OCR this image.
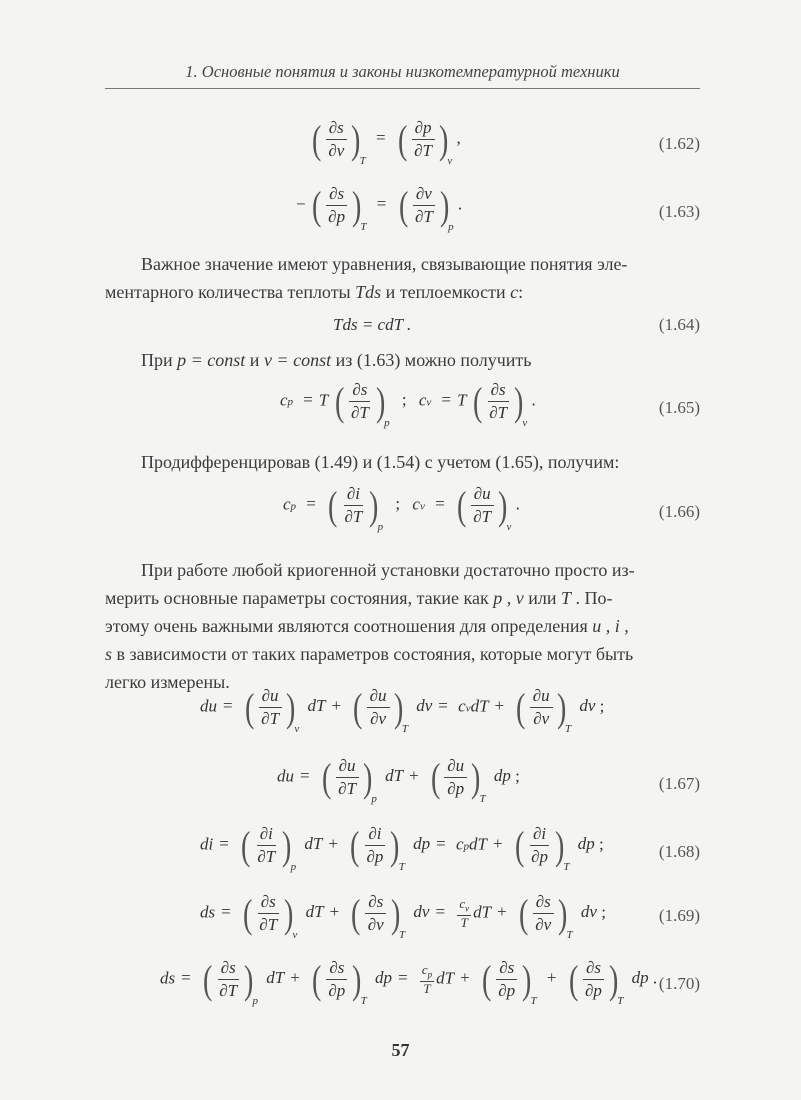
1. Основные понятия и законы низкотемпературной техники
( $\frac{\partial s}{\partial v}$ )
T
= ( $\frac{\partial p}{\partial T}$ )
v
,	(1.62)
− ( $\frac{\partial s}{\partial p}$ )
T
= ( $\frac{\partial v}{\partial T}$ )
p
.	(1.63)
Важное значение имеют уравнения, связывающие понятия эле-
ментарного количества теплоты Tds и теплоемкости c:
Tds = cdT .	(1.64)
При p = const и v = const из (1.63) можно получить
cp = T ( $\frac{\partial s}{\partial T}$ )
p
; cv = T ( $\frac{\partial s}{\partial T}$ )
v
.	(1.65)
Продифференцировав (1.49) и (1.54) с учетом (1.65), получим:
cp = ( $\frac{\partial i}{\partial T}$ )
p
; cv = ( $\frac{\partial u}{\partial T}$ )
v
.	(1.66)
При работе любой криогенной установки достаточно просто из-
мерить основные параметры состояния, такие как p , v или T . По-
этому очень важными являются соотношения для определения u , i ,
s в зависимости от таких параметров состояния, которые могут быть
легко измерены.
du = ( $\frac{\partial u}{\partial T}$ )
v
dT + ( $\frac{\partial u}{\partial v}$ )
T
dv = cvdT + ( $\frac{\partial u}{\partial v}$ )
T
dv ;
du = ( $\frac{\partial u}{\partial T}$ )
p
dT + ( $\frac{\partial u}{\partial p}$ )
T
dp ;	(1.67)
di = ( $\frac{\partial i}{\partial T}$ )
p
dT + ( $\frac{\partial i}{\partial p}$ )
T
dp = cpdT + ( $\frac{\partial i}{\partial p}$ )
T
dp ;	(1.68)
ds = ( $\frac{\partial s}{\partial T}$ )
v
dT + ( $\frac{\partial s}{\partial v}$ )
T
dv = $\frac{c_v}{T}$ dT + ( $\frac{\partial s}{\partial v}$ )
T
dv ;	(1.69)
ds = ( $\frac{\partial s}{\partial T}$ )
p
dT + ( $\frac{\partial s}{\partial p}$ )
T
dp = $\frac{c_p}{T}$ dT + ( $\frac{\partial s}{\partial p}$ )
T
+ ( $\frac{\partial s}{\partial p}$ )
T
dp . (1.70)
57
